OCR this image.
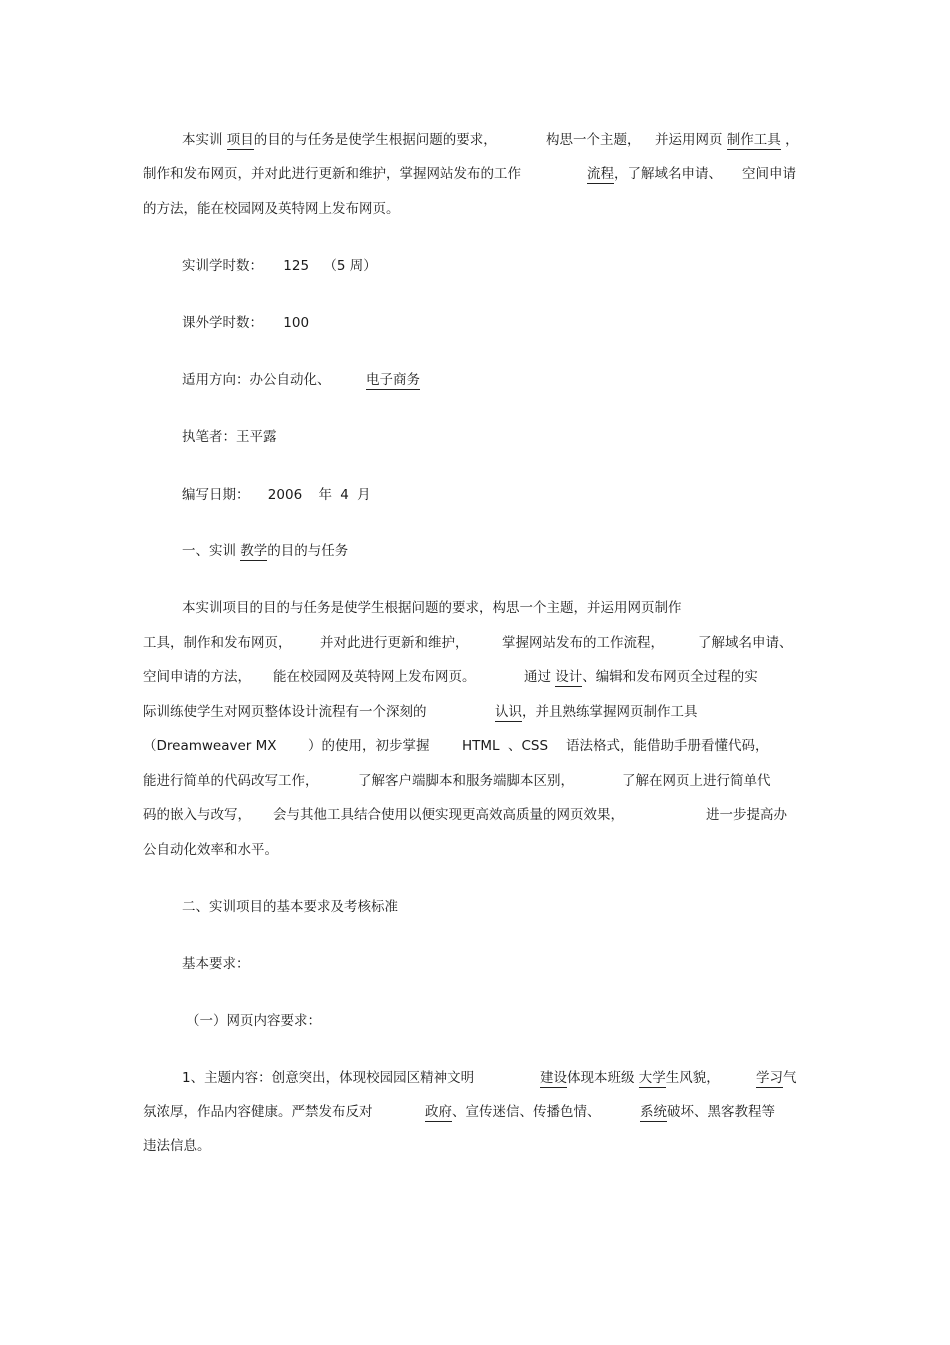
本实训 项目的目的与任务是使学生根据问题的要求，	构思一个主题， 并运用网页 制作工具 ，
制作和发布网页，并对此进行更新和维护，掌握网站发布的工作	流程，了解域名申请、 空间申请
的方法，能在校园网及英特网上发布网页。
实训学时数： 125 （5 周）
课外学时数： 100
适用方向：办公自动化、	电子商务
执笔者：王平露
编写日期： 2006 年 4 月
一、实训 教学的目的与任务
本实训项目的目的与任务是使学生根据问题的要求，构思一个主题，并运用网页制作
工具，制作和发布网页， 并对此进行更新和维护， 掌握网站发布的工作流程，	了解域名申请、
空间申请的方法， 能在校园网及英特网上发布网页。	通过 设计、编辑和发布网页全过程的实
际训练使学生对网页整体设计流程有一个深刻的	认识，并且熟练掌握网页制作工具
（Dreamweaver MX ）的使用，初步掌握 HTML 、CSS 语法格式，能借助手册看懂代码，
能进行简单的代码改写工作，	了解客户端脚本和服务端脚本区别，	了解在网页上进行简单代
码的嵌入与改写， 会与其他工具结合使用以便实现更高效高质量的网页效果，	进一步提高办
公自动化效率和水平。
二、实训项目的基本要求及考核标准
基本要求：
（一）网页内容要求：
1、主题内容：创意突出，体现校园园区精神文明	建设体现本班级 大学生风貌，	学习气
氛浓厚，作品内容健康。严禁发布反对	政府、宣传迷信、传播色情、	系统破坏、黑客教程等
违法信息。
